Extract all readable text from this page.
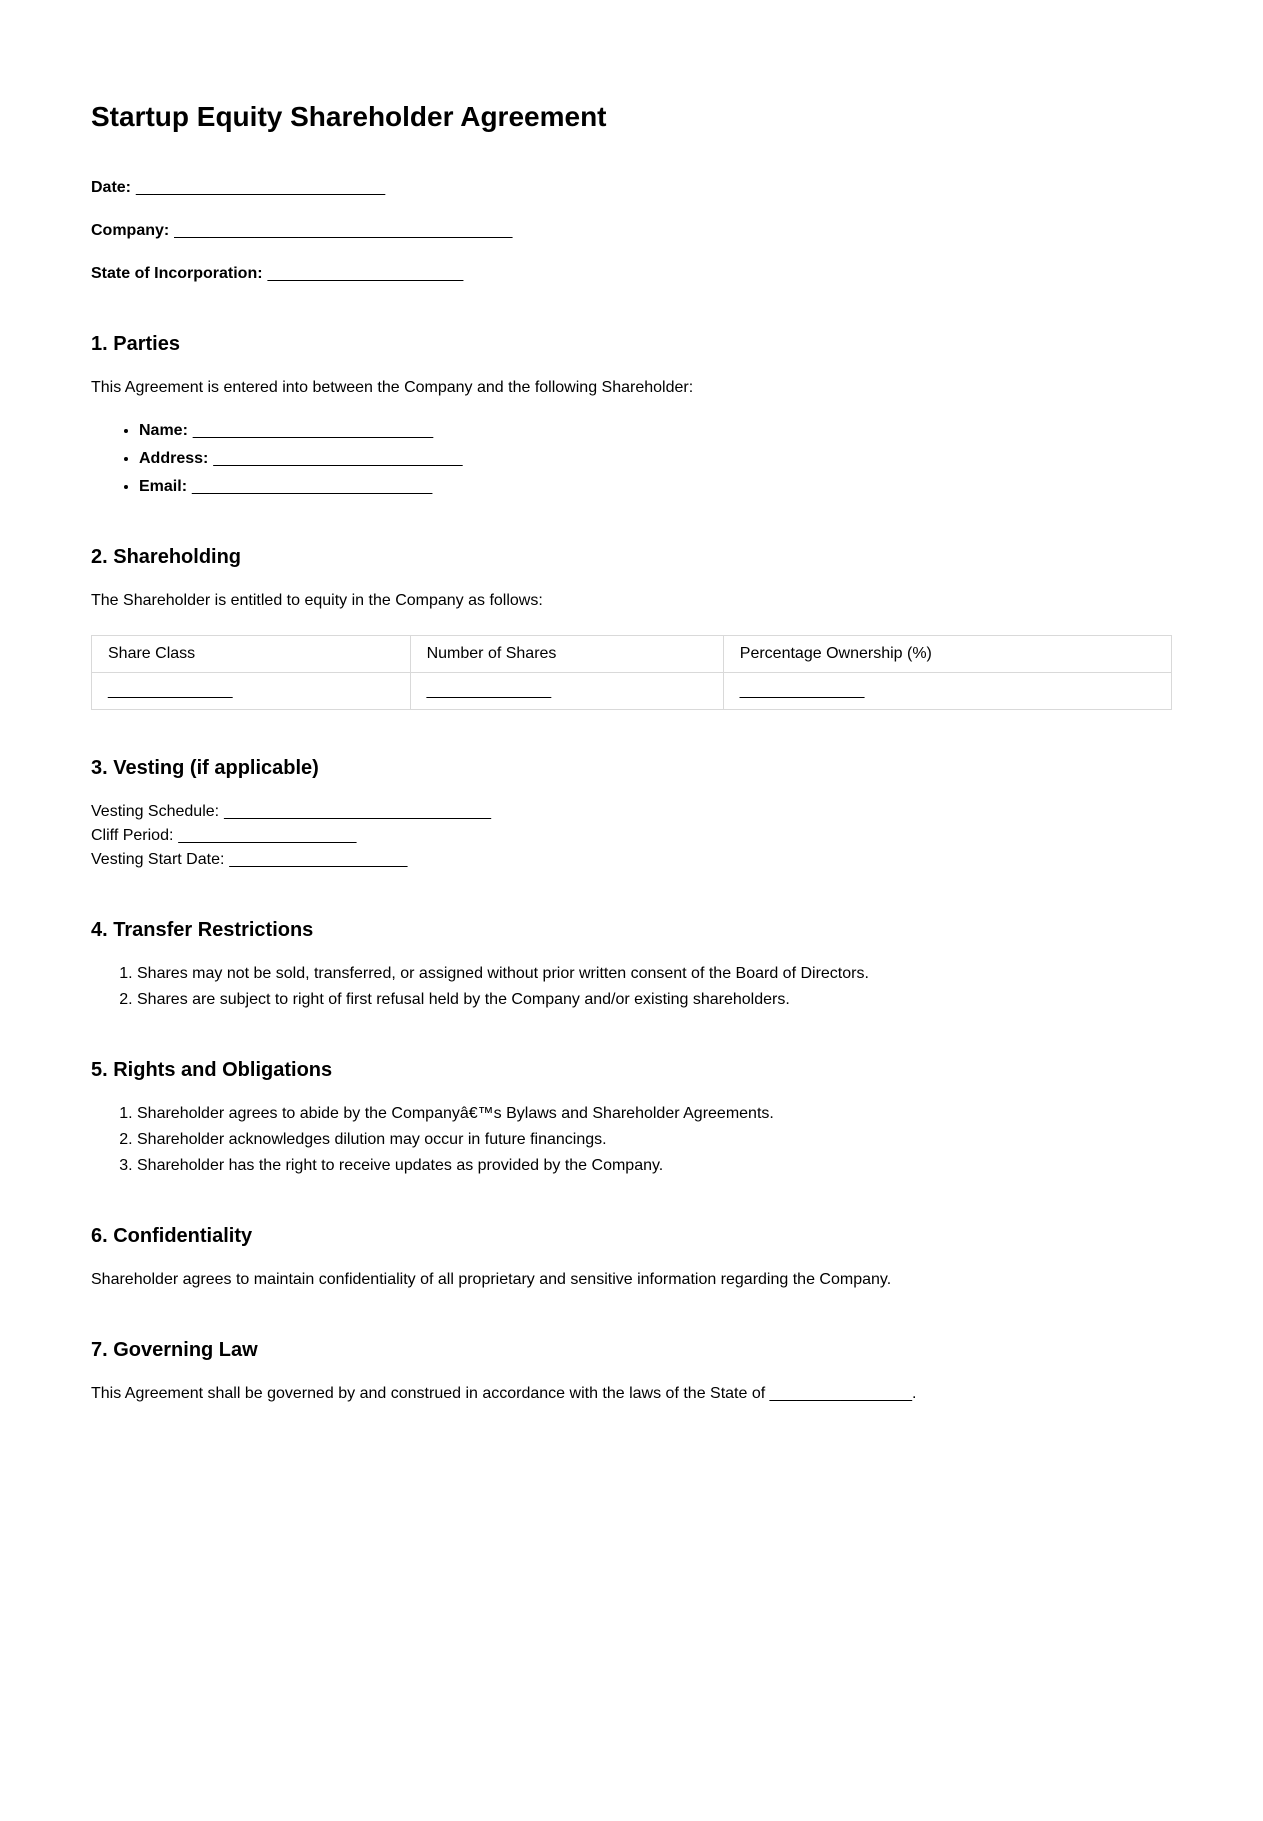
Startup Equity Shareholder Agreement

Date: ____________________________

Company: ______________________________________

State of Incorporation: ______________________

1. Parties

This Agreement is entered into between the Company and the following Shareholder:

• Name: ___________________________
• Address: ____________________________
• Email: ___________________________
2. Shareholding

The Shareholder is entitled to equity in the Company as follows:

Share Class	Number of Shares	Percentage Ownership (%)
______________	______________	______________
3. Vesting (if applicable)

Vesting Schedule: ______________________________
Cliff Period: ____________________
Vesting Start Date: ____________________

4. Transfer Restrictions
1. Shares may not be sold, transferred, or assigned without prior written consent of the Board of Directors.
2. Shares are subject to right of first refusal held by the Company and/or existing shareholders.
5. Rights and Obligations
1. Shareholder agrees to abide by the Companyâ€™s Bylaws and Shareholder Agreements.
2. Shareholder acknowledges dilution may occur in future financings.
3. Shareholder has the right to receive updates as provided by the Company.
6. Confidentiality

Shareholder agrees to maintain confidentiality of all proprietary and sensitive information regarding the Company.

7. Governing Law

This Agreement shall be governed by and construed in accordance with the laws of the State of ________________.
